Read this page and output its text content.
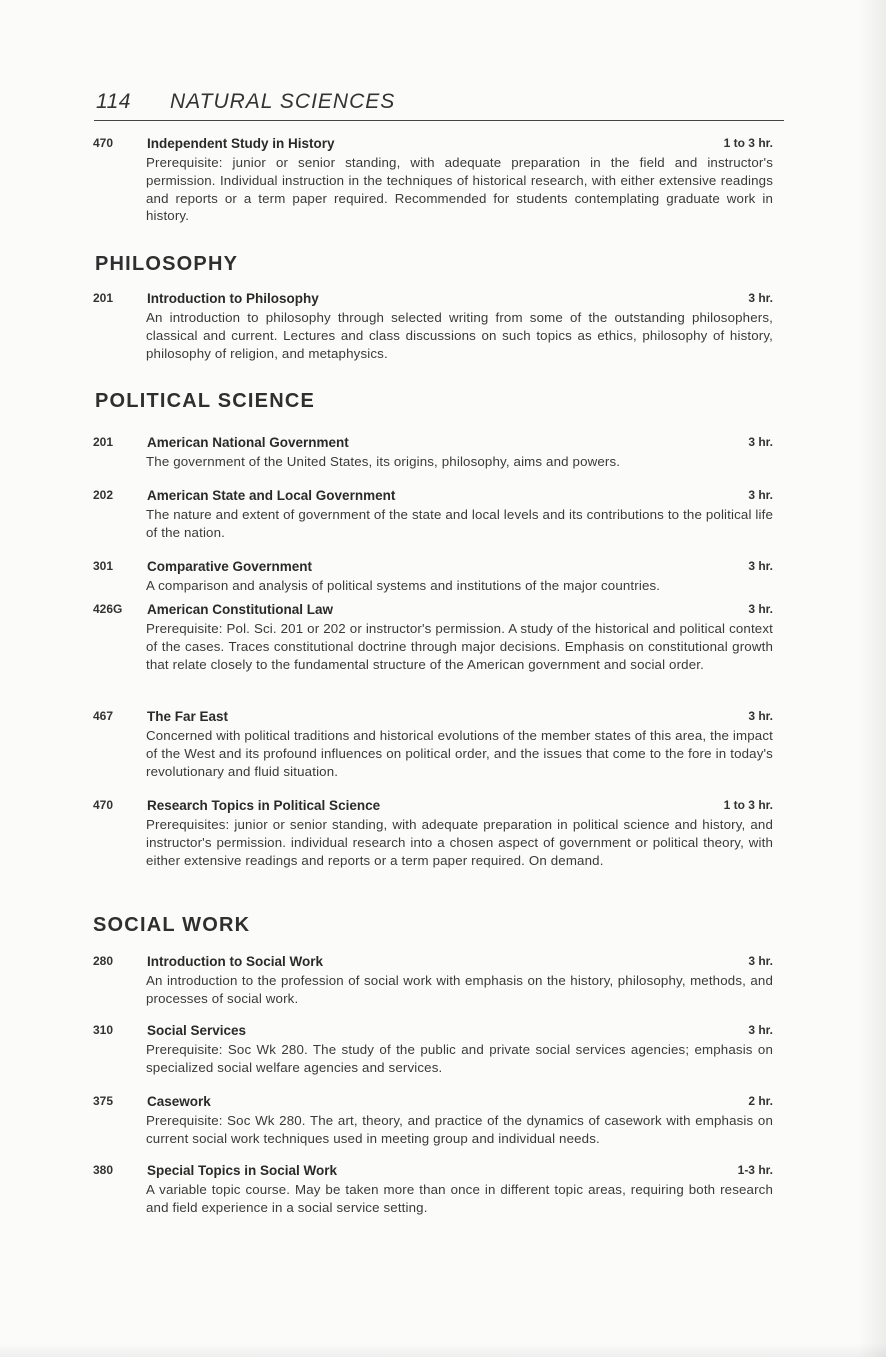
114 NATURAL SCIENCES
470	Independent Study in History	1 to 3 hr.
Prerequisite: junior or senior standing, with adequate preparation in the field and instructor's permission. Individual instruction in the techniques of historical research, with either extensive readings and reports or a term paper required. Recommended for students contemplating graduate work in history.
PHILOSOPHY
201	Introduction to Philosophy	3 hr.
An introduction to philosophy through selected writing from some of the outstanding philosophers, classical and current. Lectures and class discussions on such topics as ethics, philosophy of history, philosophy of religion, and metaphysics.
POLITICAL SCIENCE
201	American National Government	3 hr.
The government of the United States, its origins, philosophy, aims and powers.
202	American State and Local Government	3 hr.
The nature and extent of government of the state and local levels and its contributions to the political life of the nation.
301	Comparative Government	3 hr.
A comparison and analysis of political systems and institutions of the major countries.
426G American Constitutional Law	3 hr.
Prerequisite: Pol. Sci. 201 or 202 or instructor's permission. A study of the historical and political context of the cases. Traces constitutional doctrine through major decisions. Emphasis on constitutional growth that relate closely to the fundamental structure of the American government and social order.
467	The Far East	3 hr.
Concerned with political traditions and historical evolutions of the member states of this area, the impact of the West and its profound influences on political order, and the issues that come to the fore in today's revolutionary and fluid situation.
470	Research Topics in Political Science	1 to 3 hr.
Prerequisites: junior or senior standing, with adequate preparation in political science and history, and instructor's permission. individual research into a chosen aspect of government or political theory, with either extensive readings and reports or a term paper required. On demand.
SOCIAL WORK
280	Introduction to Social Work	3 hr.
An introduction to the profession of social work with emphasis on the history, philosophy, methods, and processes of social work.
310	Social Services	3 hr.
Prerequisite: Soc Wk 280. The study of the public and private social services agencies; emphasis on specialized social welfare agencies and services.
375	Casework	2 hr.
Prerequisite: Soc Wk 280. The art, theory, and practice of the dynamics of casework with emphasis on current social work techniques used in meeting group and individual needs.
380	Special Topics in Social Work	1-3 hr.
A variable topic course. May be taken more than once in different topic areas, requiring both research and field experience in a social service setting.
